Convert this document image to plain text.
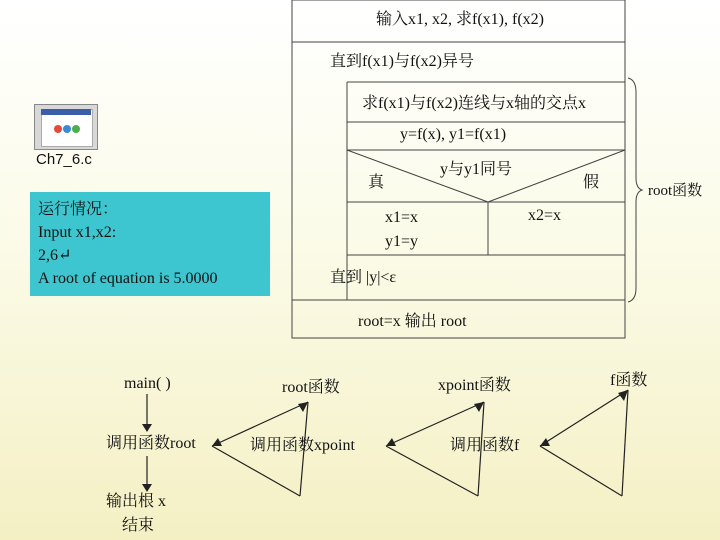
输入x1, x2, 求f(x1), f(x2)
直到f(x1)与f(x2)异号
求f(x1)与f(x2)连线与x轴的交点x
y=f(x), y1=f(x1)
y与y1同号
真	假
x1=x
y1=y
x2=x
直到 |y|<ε
root=x 输出 root
root函数
Ch7_6.c
运行情况：
Input x1,x2:
2,6↵
A root of equation is 5.0000
main( )
调用函数root
输出根 x
结束
root函数
调用函数xpoint
xpoint函数
调用函数f
f函数
